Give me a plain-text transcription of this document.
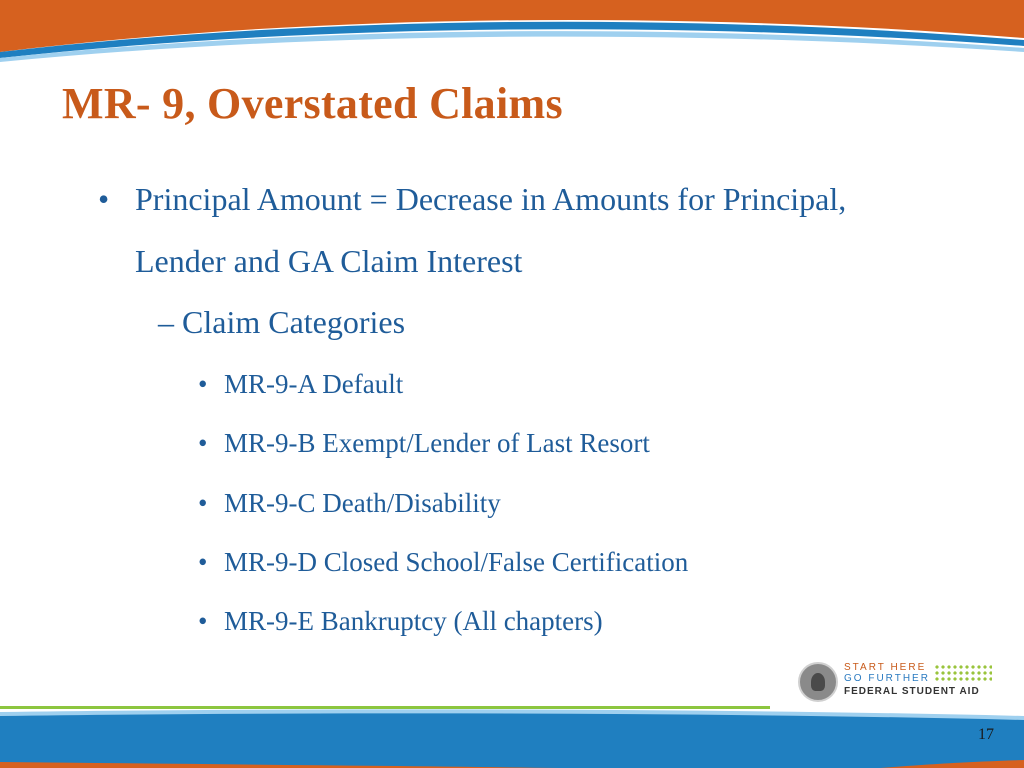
MR- 9, Overstated Claims
• Principal Amount = Decrease in Amounts for Principal, Lender and GA Claim Interest
– Claim Categories
• MR-9-A Default
• MR-9-B Exempt/Lender of Last Resort
• MR-9-C Death/Disability
• MR-9-D Closed School/False Certification
• MR-9-E Bankruptcy (All chapters)
START HERE
GO FURTHER
FEDERAL STUDENT AID
17
